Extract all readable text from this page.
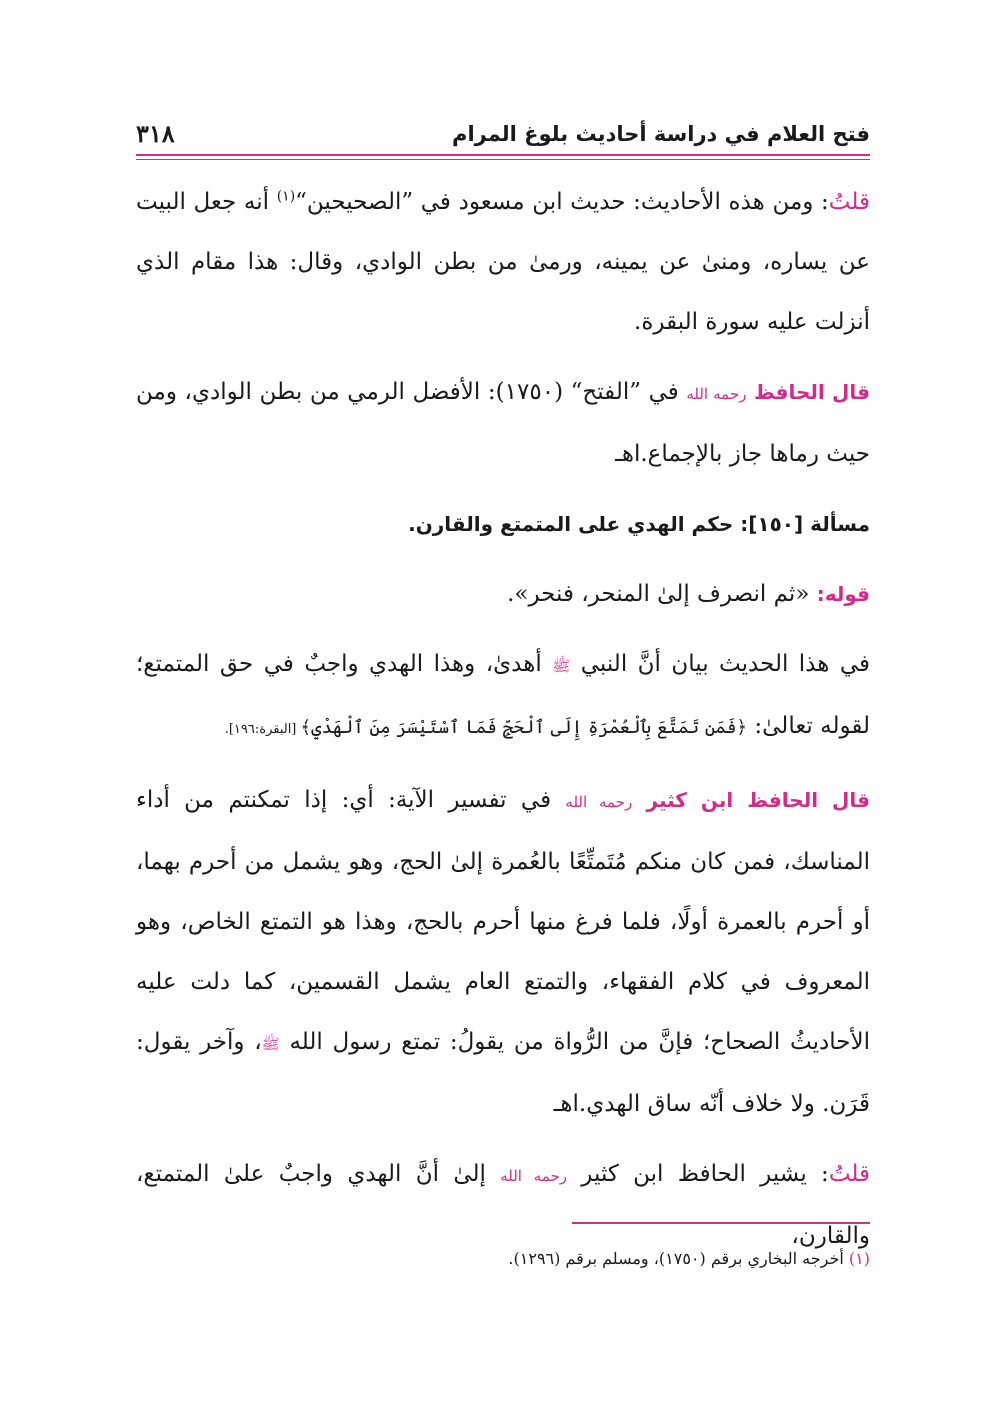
فتح العلام في دراسة أحاديث بلوغ المرام
٣١٨

قلتُ: ومن هذه الأحاديث: حديث ابن مسعود في ”الصحيحين“$^{(١)}$ أنه جعل البيت عن يساره، ومنىٰ عن يمينه، ورمىٰ من بطن الوادي، وقال: هذا مقام الذي أنزلت عليه سورة البقرة.

قال الحافظ رحمه الله في ”الفتح“ (١٧٥٠): الأفضل الرمي من بطن الوادي، ومن حيث رماها جاز بالإجماع.اهـ

مسألة [١٥٠]: حكم الهدي على المتمتع والقارن.

قوله: «ثم انصرف إلىٰ المنحر، فنحر».

في هذا الحديث بيان أنَّ النبي ﷺ أهدىٰ، وهذا الهدي واجبٌ في حق المتمتع؛ لقوله تعالىٰ: ﴿فَمَن تَمَتَّعَ بِٱلْعُمْرَةِ إِلَى ٱلْحَجِّ فَمَا ٱسْتَيْسَرَ مِنَ ٱلْهَدْيِ﴾ [البقرة:١٩٦].

قال الحافظ ابن كثير رحمه الله في تفسير الآية: أي: إذا تمكنتم من أداء المناسك، فمن كان منكم مُتَمتِّعًا بالعُمرة إلىٰ الحج، وهو يشمل من أحرم بهما، أو أحرم بالعمرة أولًا، فلما فرغ منها أحرم بالحج، وهذا هو التمتع الخاص، وهو المعروف في كلام الفقهاء، والتمتع العام يشمل القسمين، كما دلت عليه الأحاديثُ الصحاح؛ فإنَّ من الرُّواة من يقولُ: تمتع رسول الله ﷺ، وآخر يقول: قَرَن. ولا خلاف أنّه ساق الهدي.اهـ

قلتُ: يشير الحافظ ابن كثير رحمه الله إلىٰ أنَّ الهدي واجبٌ علىٰ المتمتع، والقارن،

(١) أخرجه البخاري برقم (١٧٥٠)، ومسلم برقم (١٢٩٦).
